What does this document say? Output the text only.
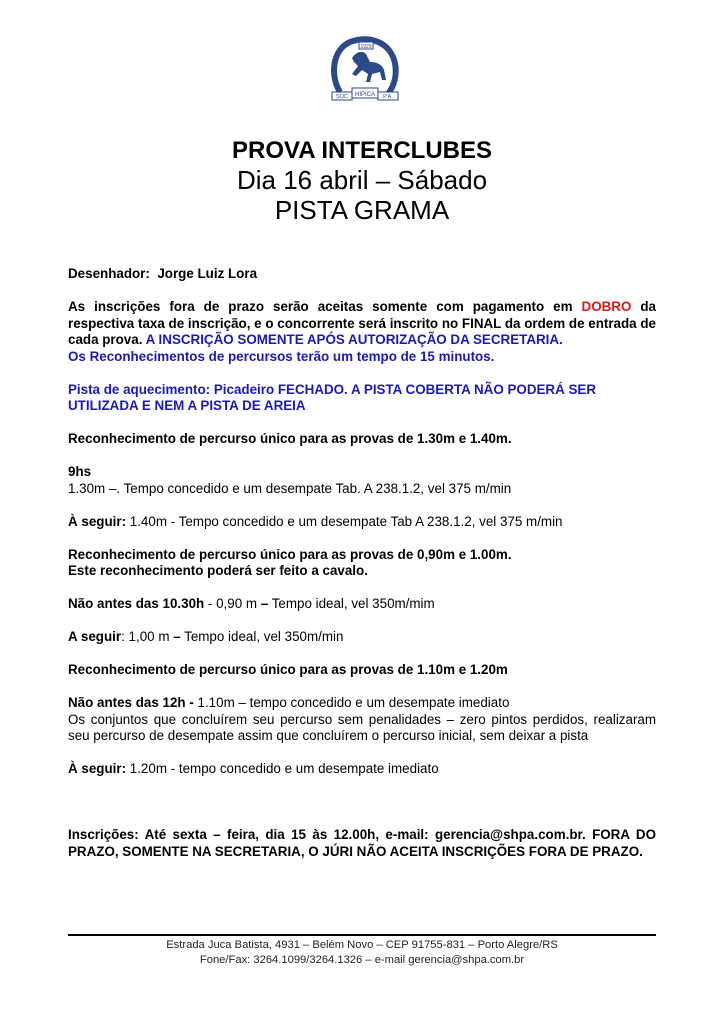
1929
SOC HIPICA P.A.
PROVA INTERCLUBES
Dia 16 abril – Sábado
PISTA GRAMA

Desenhador: Jorge Luiz Lora

As inscrições fora de prazo serão aceitas somente com pagamento em DOBRO da respectiva taxa de inscrição, e o concorrente será inscrito no FINAL da ordem de entrada de cada prova. A INSCRIÇÃO SOMENTE APÓS AUTORIZAÇÃO DA SECRETARIA.

Os Reconhecimentos de percursos terão um tempo de 15 minutos.

Pista de aquecimento: Picadeiro FECHADO. A PISTA COBERTA NÃO PODERÁ SER UTILIZADA E NEM A PISTA DE AREIA

Reconhecimento de percurso único para as provas de 1.30m e 1.40m.

9hs

1.30m –. Tempo concedido e um desempate Tab. A 238.1.2, vel 375 m/min

À seguir: 1.40m - Tempo concedido e um desempate Tab A 238.1.2, vel 375 m/min

Reconhecimento de percurso único para as provas de 0,90m e 1.00m.

Este reconhecimento poderá ser feito a cavalo.

Não antes das 10.30h - 0,90 m – Tempo ideal, vel 350m/mim

A seguir: 1,00 m – Tempo ideal, vel 350m/min

Reconhecimento de percurso único para as provas de 1.10m e 1.20m

Não antes das 12h - 1.10m – tempo concedido e um desempate imediato

Os conjuntos que concluírem seu percurso sem penalidades – zero pintos perdidos, realizaram seu percurso de desempate assim que concluírem o percurso inicial, sem deixar a pista

À seguir: 1.20m - tempo concedido e um desempate imediato

Inscrições: Até sexta – feira, dia 15 às 12.00h, e-mail: gerencia@shpa.com.br. FORA DO PRAZO, SOMENTE NA SECRETARIA, O JÚRI NÃO ACEITA INSCRIÇÕES FORA DE PRAZO.

Estrada Juca Batista, 4931 – Belém Novo – CEP 91755-831 – Porto Alegre/RS
Fone/Fax: 3264.1099/3264.1326 – e-mail gerencia@shpa.com.br
